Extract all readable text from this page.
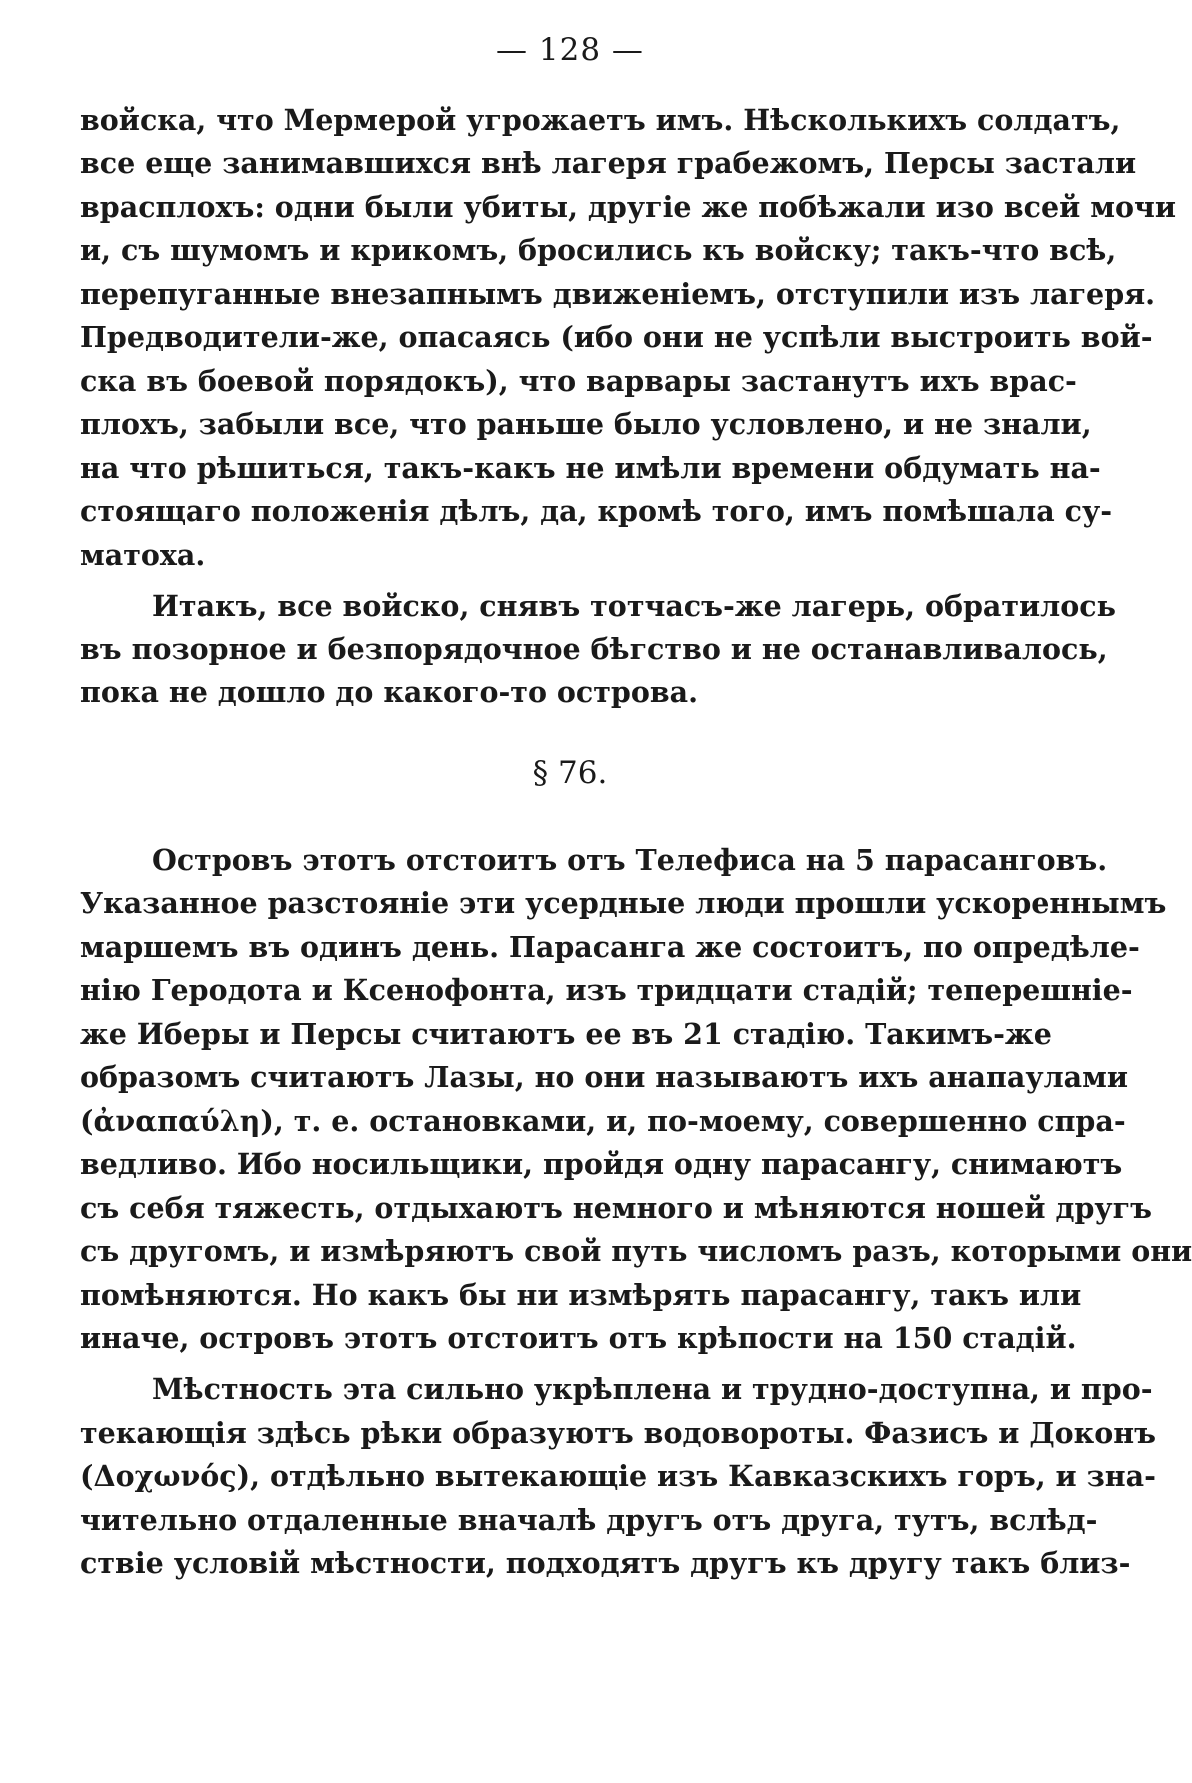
— 128 —
войска, что Мермерой угрожаетъ имъ. Нѣсколькихъ солдатъ,
все еще занимавшихся внѣ лагеря грабежомъ, Персы застали
врасплохъ: одни были убиты, другіе же побѣжали изо всей мочи
и, съ шумомъ и крикомъ, бросились къ войску; такъ-что всѣ,
перепуганные внезапнымъ движеніемъ, отступили изъ лагеря.
Предводители-же, опасаясь (ибо они не успѣли выстроить вой-
ска въ боевой порядокъ), что варвары застанутъ ихъ врас-
плохъ, забыли все, что раньше было условлено, и не знали,
на что рѣшиться, такъ-какъ не имѣли времени обдумать на-
стоящаго положенія дѣлъ, да, кромѣ того, имъ помѣшала су-
матоха.
Итакъ, все войско, снявъ тотчасъ-же лагерь, обратилось
въ позорное и безпорядочное бѣгство и не останавливалось,
пока не дошло до какого-то острова.
§ 76.
Островъ этотъ отстоитъ отъ Телефиса на 5 парасанговъ.
Указанное разстояніе эти усердные люди прошли ускореннымъ
маршемъ въ одинъ день. Парасанга же состоитъ, по опредѣле-
нію Геродота и Ксенофонта, изъ тридцати стадій; теперешніе-
же Иберы и Персы считаютъ ее въ 21 стадію. Такимъ-же
образомъ считаютъ Лазы, но они называютъ ихъ анапаулами
(ἀναπαύλη), т. е. остановками, и, по-моему, совершенно спра-
ведливо. Ибо носильщики, пройдя одну парасангу, снимаютъ
съ себя тяжесть, отдыхаютъ немного и мѣняются ношей другъ
съ другомъ, и измѣряютъ свой путь числомъ разъ, которыми они
помѣняются. Но какъ бы ни измѣрять парасангу, такъ или
иначе, островъ этотъ отстоитъ отъ крѣпости на 150 стадій.
Мѣстность эта сильно укрѣплена и трудно-доступна, и про-
текающія здѣсь рѣки образуютъ водовороты. Фазисъ и Доконъ
(Δοχωνός), отдѣльно вытекающіе изъ Кавказскихъ горъ, и зна-
чительно отдаленные вначалѣ другъ отъ друга, тутъ, вслѣд-
ствіе условій мѣстности, подходятъ другъ къ другу такъ близ-
